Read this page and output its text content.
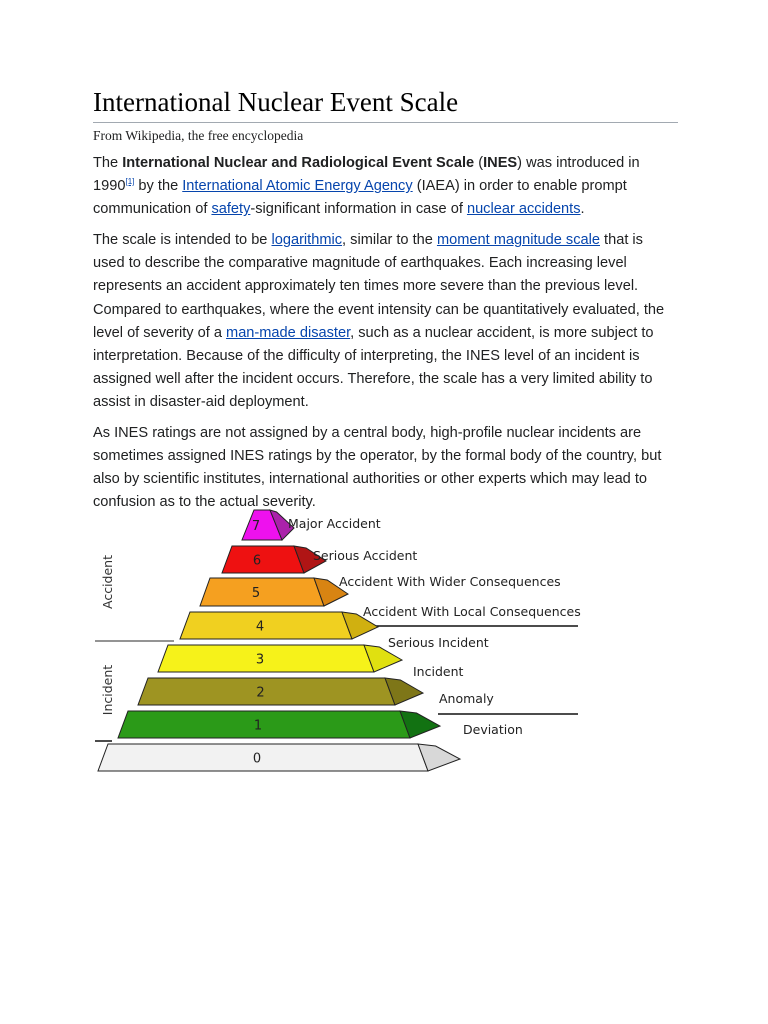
International Nuclear Event Scale
From Wikipedia, the free encyclopedia

The International Nuclear and Radiological Event Scale (INES) was introduced in 1990[1] by the International Atomic Energy Agency (IAEA) in order to enable prompt communication of safety-significant information in case of nuclear accidents.

The scale is intended to be logarithmic, similar to the moment magnitude scale that is used to describe the comparative magnitude of earthquakes. Each increasing level represents an accident approximately ten times more severe than the previous level. Compared to earthquakes, where the event intensity can be quantitatively evaluated, the level of severity of a man-made disaster, such as a nuclear accident, is more subject to interpretation. Because of the difficulty of interpreting, the INES level of an incident is assigned well after the incident occurs. Therefore, the scale has a very limited ability to assist in disaster-aid deployment.

As INES ratings are not assigned by a central body, high-profile nuclear incidents are sometimes assigned INES ratings by the operator, by the formal body of the country, but also by scientific institutes, international authorities or other experts which may lead to confusion as to the actual severity.

Accident
Incident
0
Deviation
1
Anomaly
2
Incident
3
Serious Incident
4
Accident With Local Consequences
5
Accident With Wider Consequences
6	Serious Accident
7 Major Accident
